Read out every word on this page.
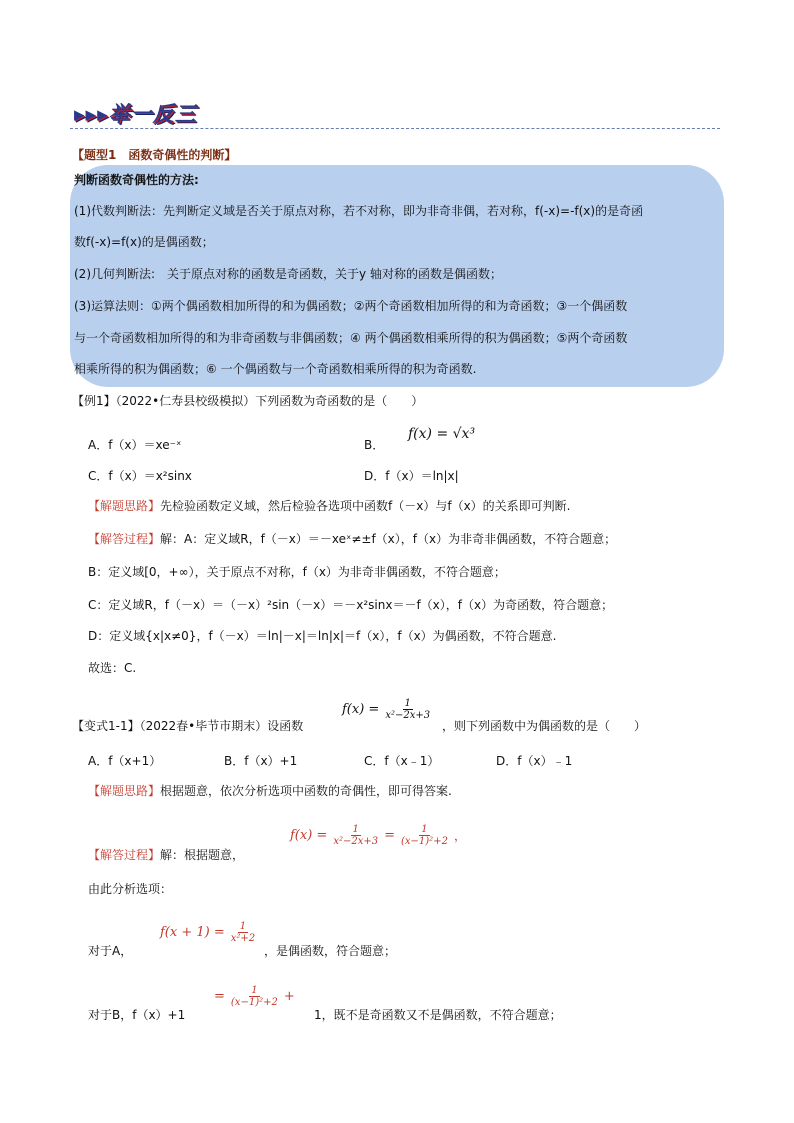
▸▸▸举一反三
【题型1　函数奇偶性的判断】
判断函数奇偶性的方法:
(1)代数判断法：先判断定义域是否关于原点对称，若不对称，即为非奇非偶，若对称，f(-x)=-f(x)的是奇函
数f(-x)=f(x)的是偶函数；
(2)几何判断法:　关于原点对称的函数是奇函数，关于y 轴对称的函数是偶函数；
(3)运算法则：①两个偶函数相加所得的和为偶函数；②两个奇函数相加所得的和为奇函数；③一个偶函数
与一个奇函数相加所得的和为非奇函数与非偶函数；④ 两个偶函数相乘所得的积为偶函数；⑤两个奇函数
相乘所得的积为偶函数；⑥ 一个偶函数与一个奇函数相乘所得的积为奇函数.
【例1】（2022•仁寿县校级模拟）下列函数为奇函数的是（　　）
A．f（x）＝xe⁻ˣ	B．
f(x) = √x³
C．f（x）＝x²sinx	D．f（x）＝ln|x|
【解题思路】先检验函数定义域，然后检验各选项中函数f（－x）与f（x）的关系即可判断.
【解答过程】解：A：定义域R，f（－x）＝－xeˣ≠±f（x），f（x）为非奇非偶函数，不符合题意；
B：定义域[0，+∞），关于原点不对称，f（x）为非奇非偶函数，不符合题意；
C：定义域R，f（－x）＝（－x）²sin（－x）＝－x²sinx＝－f（x），f（x）为奇函数，符合题意；
D：定义域{x|x≠0}，f（－x）＝ln|－x|＝ln|x|＝f（x），f（x）为偶函数，不符合题意.
故选：C.
【变式1-1】（2022春•毕节市期末）设函数
$f(x) = \frac{1}{\text{x²−2x+3}}$
，则下列函数中为偶函数的是（　　）
A．f（x+1）	B．f（x）+1	C．f（x﹣1）	D．f（x）﹣1
【解题思路】根据题意，依次分析选项中函数的奇偶性，即可得答案.
【解答过程】解：根据题意，
$f(x) = \frac{1}{\text{x²−2x+3}} = \frac{1}{\text{(x−1)²+2}}$ ，
由此分析选项：
对于A，
$f(x + 1) = \frac{1}{\text{x²+2}}$
，是偶函数，符合题意；
对于B，f（x）+1
= $\frac{1}{\text{(x−1)²+2}}$ +
1，既不是奇函数又不是偶函数，不符合题意；
